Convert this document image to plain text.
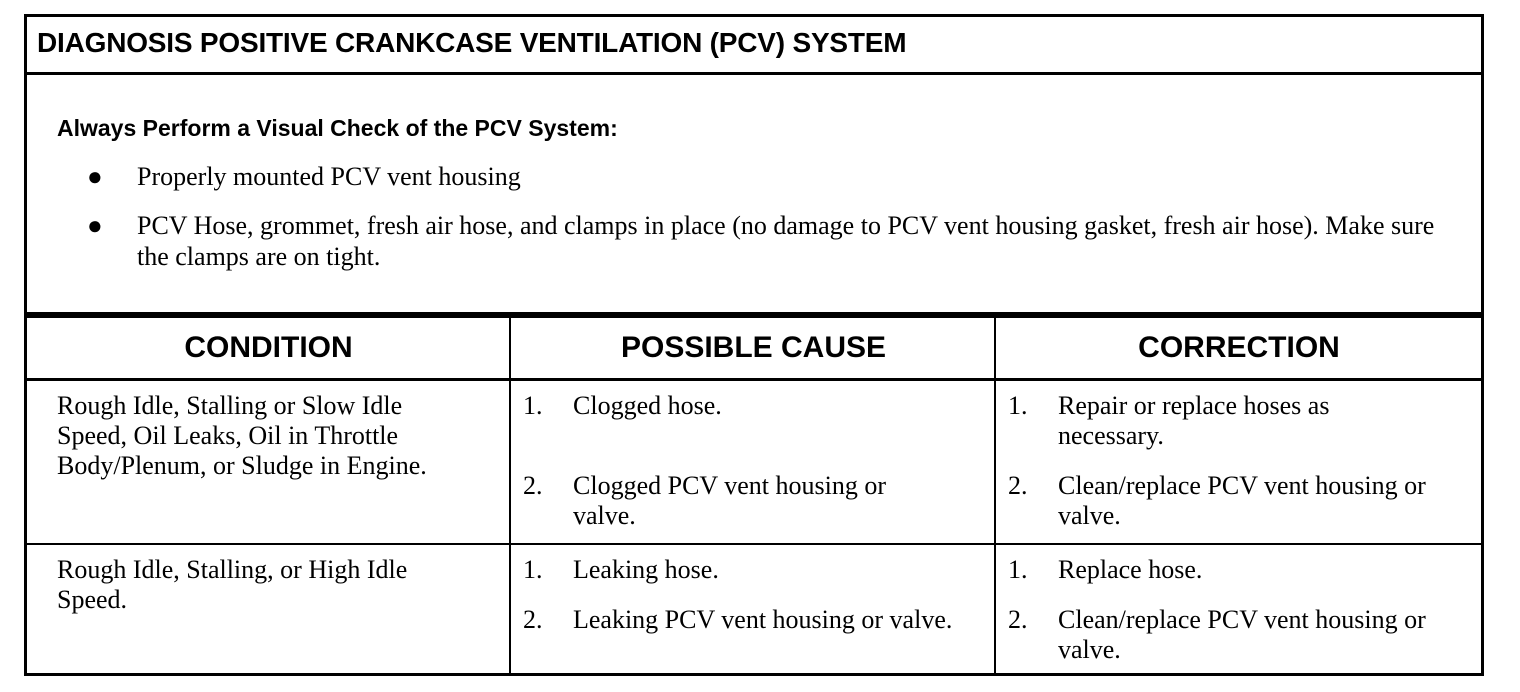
DIAGNOSIS POSITIVE CRANKCASE VENTILATION (PCV) SYSTEM
Always Perform a Visual Check of the PCV System:
● Properly mounted PCV vent housing
● PCV Hose, grommet, fresh air hose, and clamps in place (no damage to PCV vent housing gasket, fresh air hose). Make sure the clamps are on tight.
CONDITION	POSSIBLE CAUSE	CORRECTION
Rough Idle, Stalling or Slow Idle Speed, Oil Leaks, Oil in Throttle Body/Plenum, or Sludge in Engine.
1. Clogged hose.
2. Clogged PCV vent housing or valve.
1. Repair or replace hoses as necessary.
2. Clean/replace PCV vent housing or valve.
Rough Idle, Stalling, or High Idle Speed.
1. Leaking hose.
2. Leaking PCV vent housing or valve.
1. Replace hose.
2. Clean/replace PCV vent housing or valve.
